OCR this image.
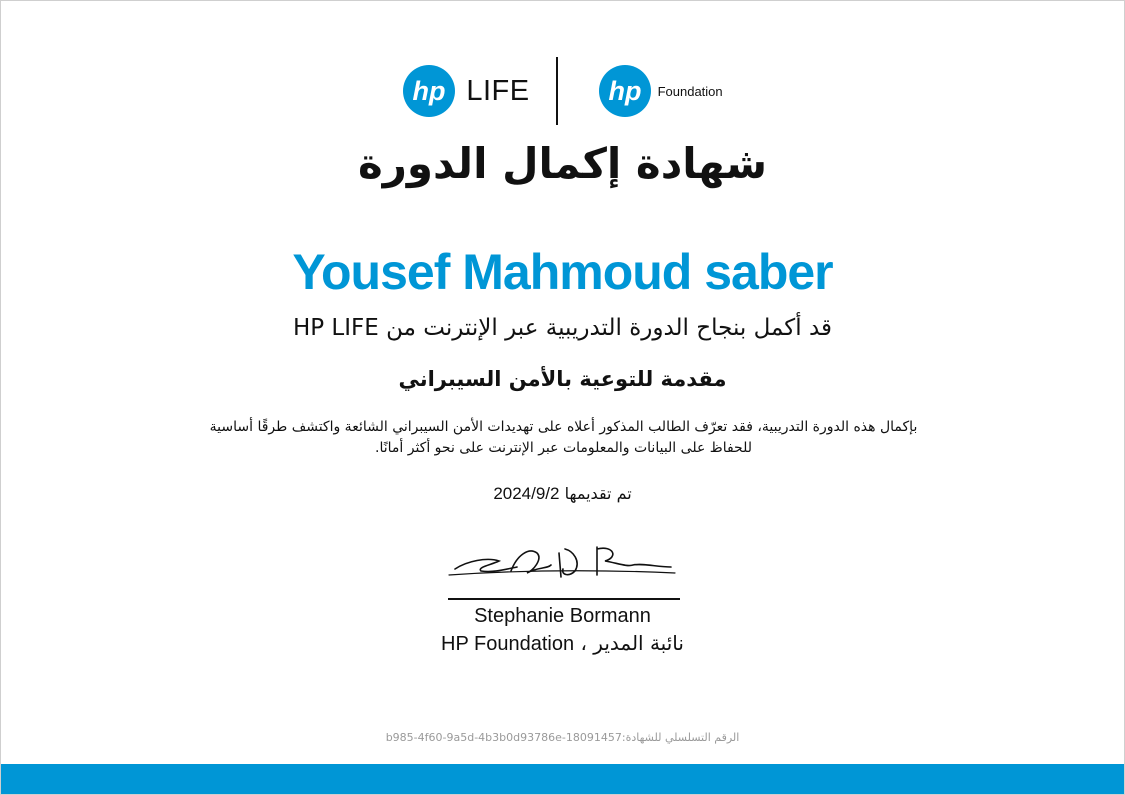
hp LIFE	hp Foundation
شهادة إكمال الدورة
Yousef Mahmoud saber
قد أكمل بنجاح الدورة التدريبية عبر الإنترنت من HP LIFE
مقدمة للتوعية بالأمن السيبراني
بإكمال هذه الدورة التدريبية، فقد تعرّف الطالب المذكور أعلاه على تهديدات الأمن السيبراني الشائعة واكتشف طرقًا أساسية
للحفاظ على البيانات والمعلومات عبر الإنترنت على نحو أكثر أمانًا.
تم تقديمها 2024/9/2
Stephanie Bormann
نائبة المدير ، HP Foundation
الرقم التسلسلي للشهادة:18091457-b985-4f60-9a5d-4b3b0d93786e
